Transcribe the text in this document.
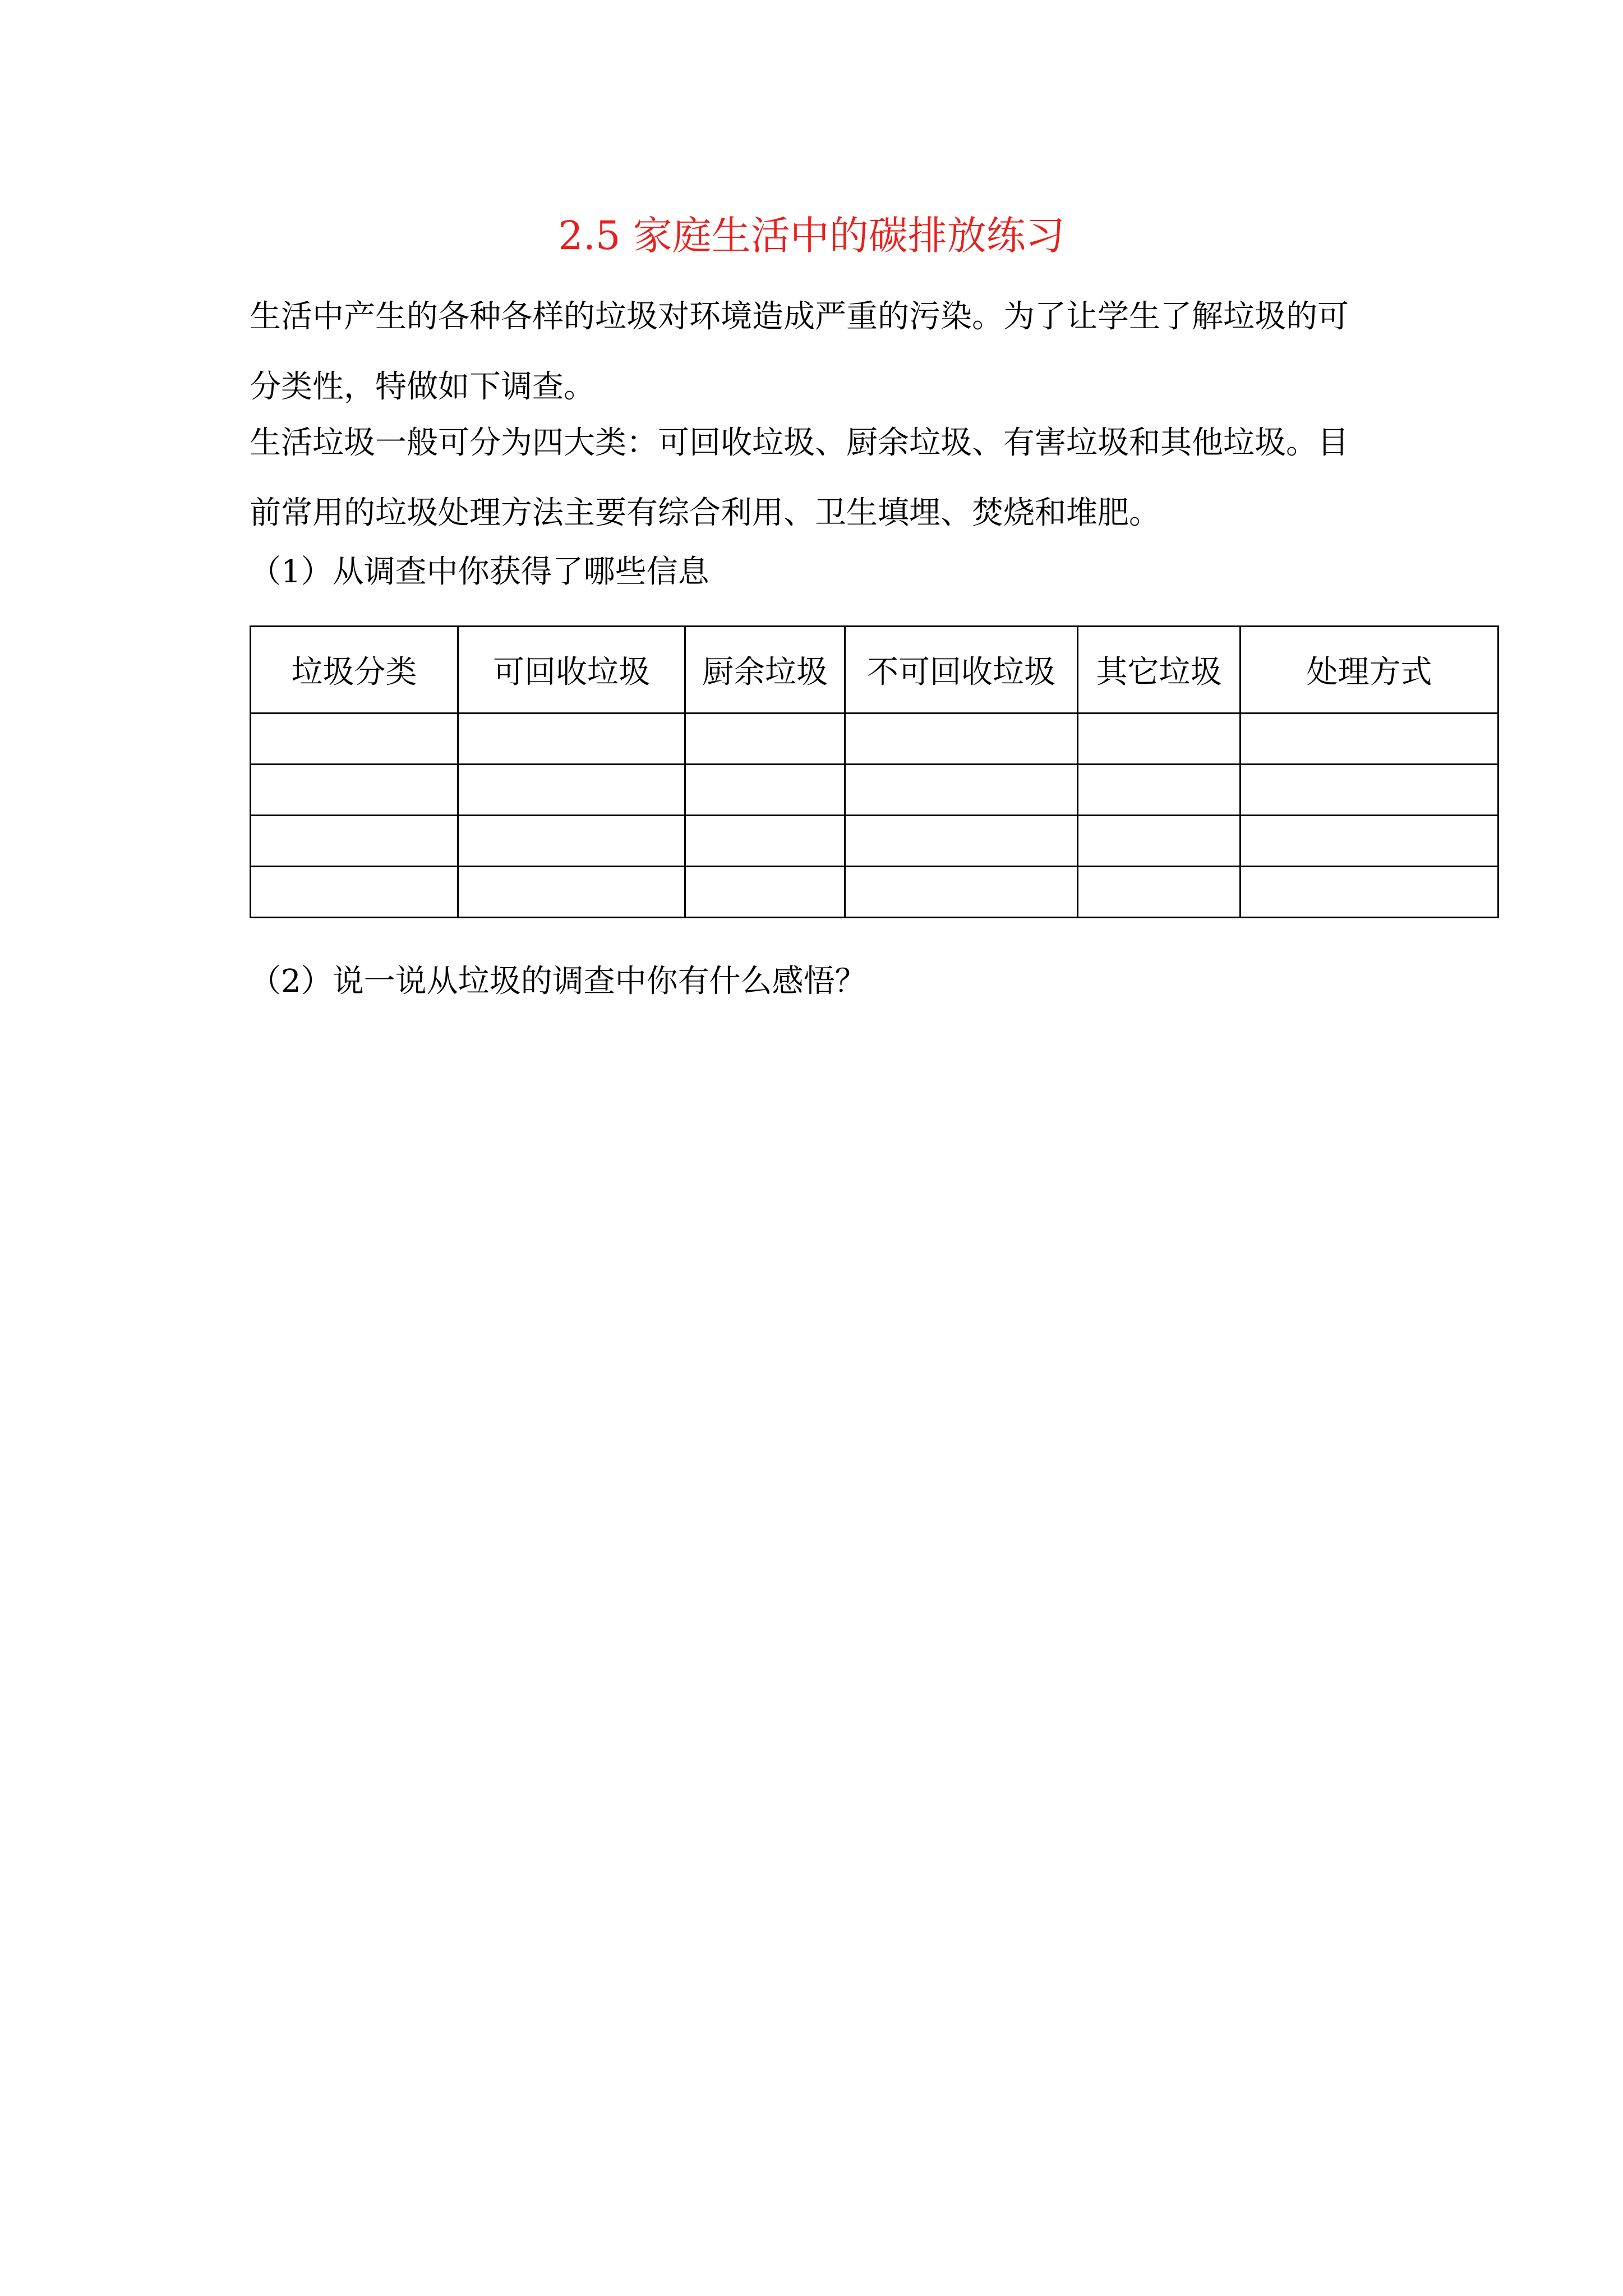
2.5 家庭生活中的碳排放练习
生活中产生的各种各样的垃圾对环境造成严重的污染。为了让学生了解垃圾的可
分类性，特做如下调查。
生活垃圾一般可分为四大类：可回收垃圾、厨余垃圾、有害垃圾和其他垃圾。目
前常用的垃圾处理方法主要有综合利用、卫生填埋、焚烧和堆肥。
（1）从调查中你获得了哪些信息
垃圾分类	可回收垃圾	厨余垃圾	不可回收垃圾	其它垃圾	处理方式

（2）说一说从垃圾的调查中你有什么感悟？
